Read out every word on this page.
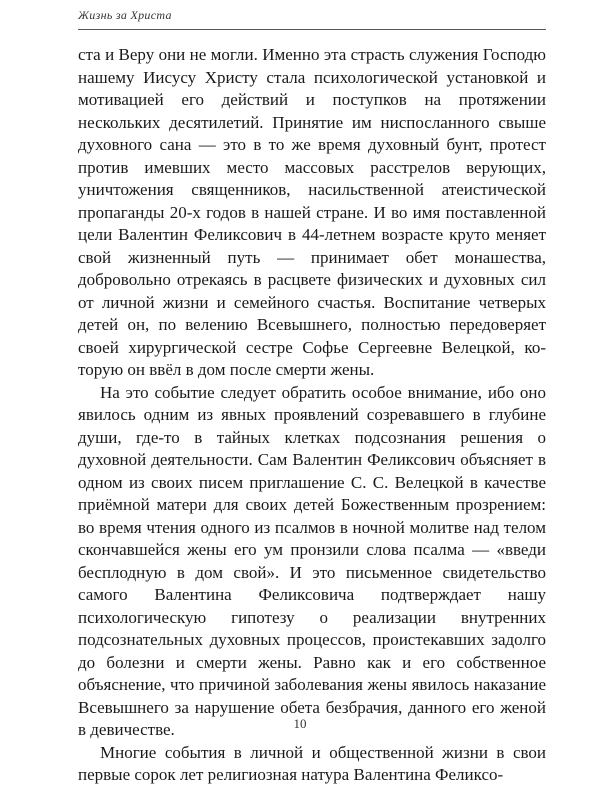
Жизнь за Христа

ста и Веру они не могли. Именно эта страсть служения Господю нашему Иисусу Христу стала психологической установкой и мотивацией его действий и поступков на протяжении нескольких десятилетий. Принятие им ниспосланного свыше духовного сана — это в то же время духовный бунт, протест против имевших место массовых расстрелов верующих, уничтожения священников, насильственной атеистической пропаганды 20-х годов в нашей стране. И во имя поставленной цели Валентин Феликсович в 44-летнем возрасте круто меняет свой жизненный путь — принимает обет монашества, добровольно отрекаясь в расцвете физических и духовных сил от личной жизни и семейного счастья. Воспитание четверых детей он, по велению Всевышнего, полностью передоверяет своей хирургической сестре Софье Сергеевне Велецкой, которую он ввёл в дом после смерти жены.

На это событие следует обратить особое внимание, ибо оно явилось одним из явных проявлений созревавшего в глубине души, где-то в тайных клетках подсознания решения о духовной деятельности. Сам Валентин Феликсович объясняет в одном из своих писем приглашение С. С. Велецкой в качестве приёмной матери для своих детей Божественным прозрением: во время чтения одного из псалмов в ночной молитве над телом скончавшейся жены его ум пронзили слова псалма — «введи бесплодную в дом свой». И это письменное свидетельство самого Валентина Феликсовича подтверждает нашу психологическую гипотезу о реализации внутренних подсознательных духовных процессов, проистекавших задолго до болезни и смерти жены. Равно как и его собственное объяснение, что причиной заболевания жены явилось наказание Всевышнего за нарушение обета безбрачия, данного его женой в девичестве.

Многие события в личной и общественной жизни в свои первые сорок лет религиозная натура Валентина Феликсо-

10
